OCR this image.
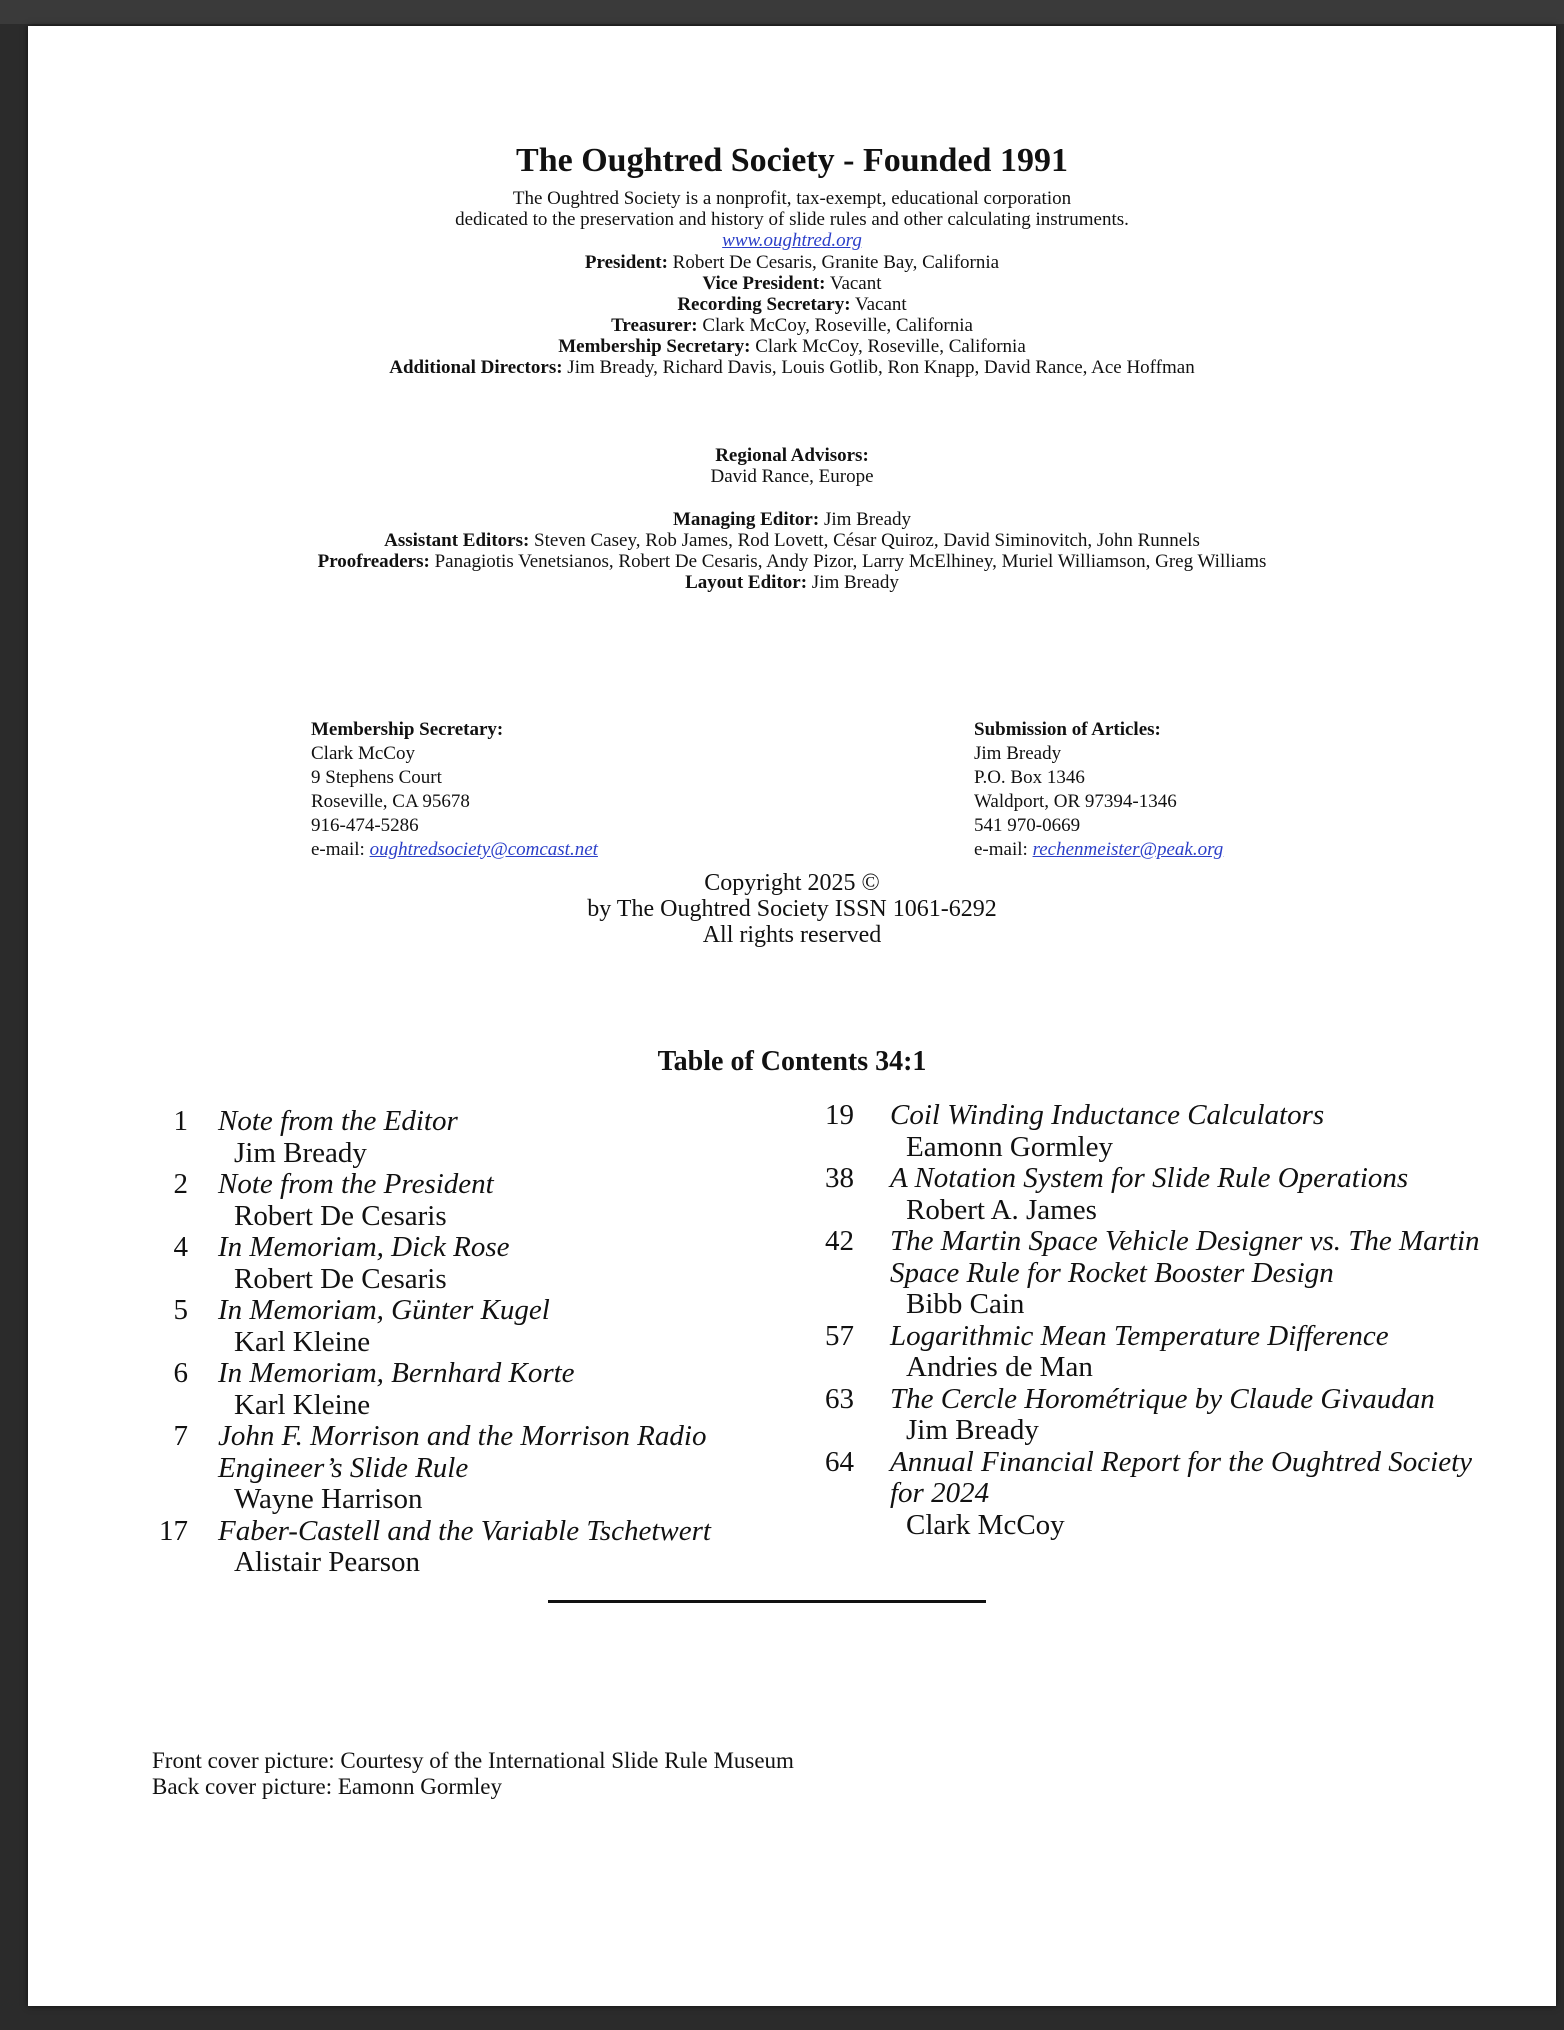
The Oughtred Society - Founded 1991
The Oughtred Society is a nonprofit, tax-exempt, educational corporation
dedicated to the preservation and history of slide rules and other calculating instruments.
www.oughtred.org
President: Robert De Cesaris, Granite Bay, California
Vice President: Vacant
Recording Secretary: Vacant
Treasurer: Clark McCoy, Roseville, California
Membership Secretary: Clark McCoy, Roseville, California
Additional Directors: Jim Bready, Richard Davis, Louis Gotlib, Ron Knapp, David Rance, Ace Hoffman
Regional Advisors:
David Rance, Europe
Managing Editor: Jim Bready
Assistant Editors: Steven Casey, Rob James, Rod Lovett, César Quiroz, David Siminovitch, John Runnels
Proofreaders: Panagiotis Venetsianos, Robert De Cesaris, Andy Pizor, Larry McElhiney, Muriel Williamson, Greg Williams
Layout Editor: Jim Bready
Membership Secretary:
Clark McCoy
9 Stephens Court
Roseville, CA 95678
916-474-5286
e-mail: oughtredsociety@comcast.net
Submission of Articles:
Jim Bready
P.O. Box 1346
Waldport, OR 97394-1346
541 970-0669
e-mail: rechenmeister@peak.org
Copyright 2025 ©
by The Oughtred Society ISSN 1061-6292
All rights reserved
Table of Contents 34:1
1 Note from the Editor
Jim Bready
2 Note from the President
Robert De Cesaris
4 In Memoriam, Dick Rose
Robert De Cesaris
5 In Memoriam, Günter Kugel
Karl Kleine
6 In Memoriam, Bernhard Korte
Karl Kleine
7 John F. Morrison and the Morrison Radio Engineer’s Slide Rule
Wayne Harrison
17 Faber-Castell and the Variable Tschetwert
Alistair Pearson
19 Coil Winding Inductance Calculators
Eamonn Gormley
38 A Notation System for Slide Rule Operations
Robert A. James
42 The Martin Space Vehicle Designer vs. The Martin Space Rule for Rocket Booster Design
Bibb Cain
57 Logarithmic Mean Temperature Difference
Andries de Man
63 The Cercle Horométrique by Claude Givaudan
Jim Bready
64 Annual Financial Report for the Oughtred Society for 2024
Clark McCoy
Front cover picture: Courtesy of the International Slide Rule Museum
Back cover picture: Eamonn Gormley
